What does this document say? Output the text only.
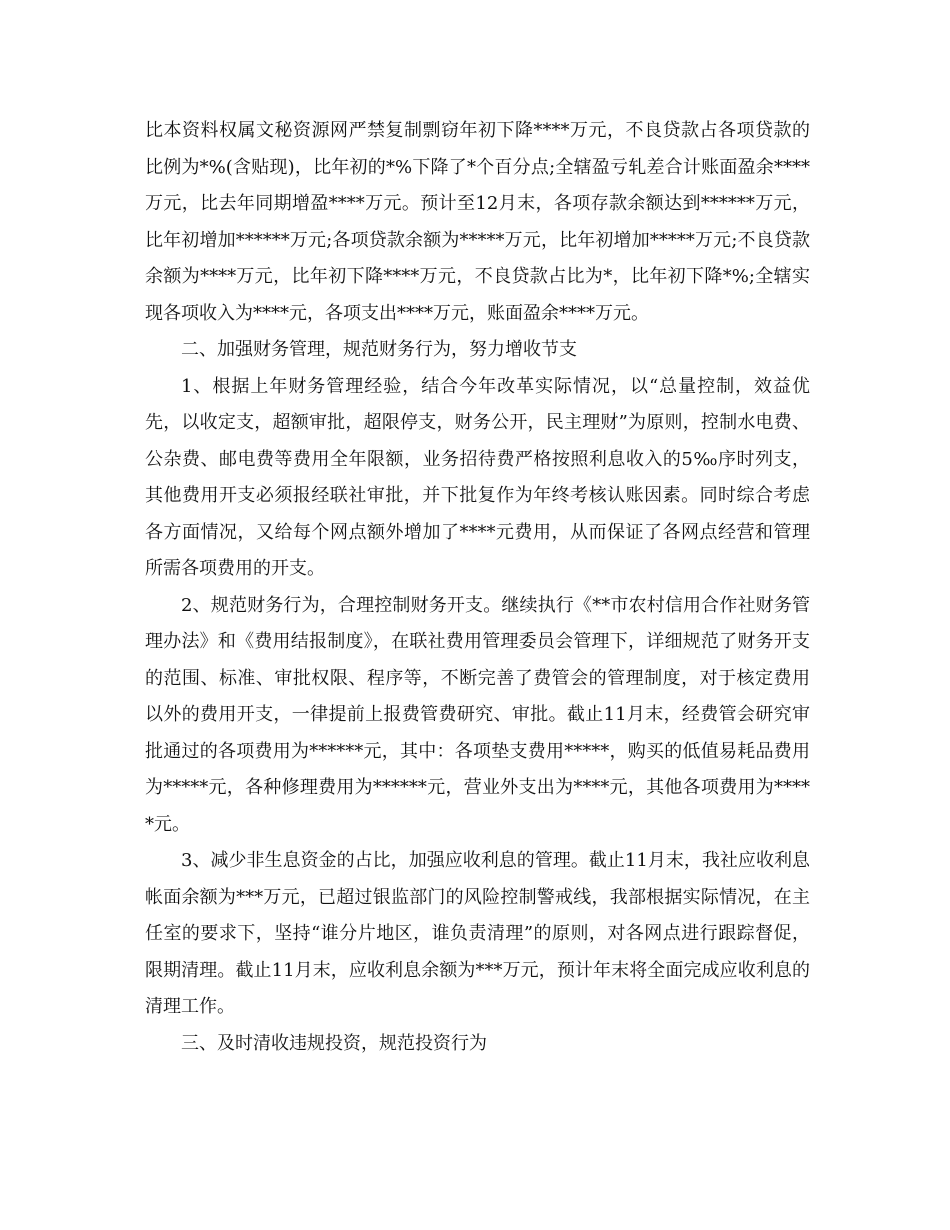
比本资料权属文秘资源网严禁复制剽窃年初下降****万元，不良贷款占各项贷款的比例为*%(含贴现)，比年初的*%下降了*个百分点;全辖盈亏轧差合计账面盈余****万元，比去年同期增盈****万元。预计至12月末，各项存款余额达到******万元，比年初增加******万元;各项贷款余额为*****万元，比年初增加*****万元;不良贷款余额为****万元，比年初下降****万元，不良贷款占比为*，比年初下降*%;全辖实现各项收入为****元，各项支出****万元，账面盈余****万元。

二、加强财务管理，规范财务行为，努力增收节支

1、根据上年财务管理经验，结合今年改革实际情况，以“总量控制，效益优先，以收定支，超额审批，超限停支，财务公开，民主理财”为原则，控制水电费、公杂费、邮电费等费用全年限额，业务招待费严格按照利息收入的5‰序时列支，其他费用开支必须报经联社审批，并下批复作为年终考核认账因素。同时综合考虑各方面情况，又给每个网点额外增加了****元费用，从而保证了各网点经营和管理所需各项费用的开支。

2、规范财务行为，合理控制财务开支。继续执行《**市农村信用合作社财务管理办法》和《费用结报制度》，在联社费用管理委员会管理下，详细规范了财务开支的范围、标准、审批权限、程序等，不断完善了费管会的管理制度，对于核定费用以外的费用开支，一律提前上报费管费研究、审批。截止11月末，经费管会研究审批通过的各项费用为******元，其中：各项垫支费用*****，购买的低值易耗品费用为*****元，各种修理费用为******元，营业外支出为****元，其他各项费用为*****元。

3、减少非生息资金的占比，加强应收利息的管理。截止11月末，我社应收利息帐面余额为***万元，已超过银监部门的风险控制警戒线，我部根据实际情况，在主任室的要求下，坚持“谁分片地区，谁负责清理”的原则，对各网点进行跟踪督促，限期清理。截止11月末，应收利息余额为***万元，预计年末将全面完成应收利息的清理工作。

三、及时清收违规投资，规范投资行为
